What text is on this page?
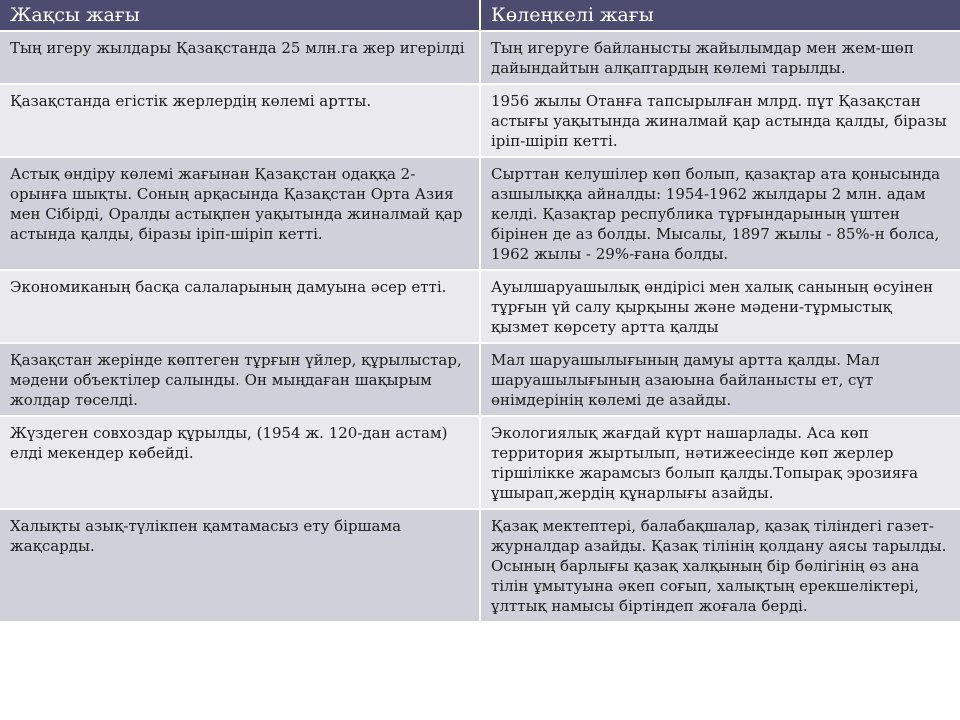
Жақсы жағы	Көлеңкелі жағы
Тың игеру жылдары Қазақстанда 25 млн.га жер игерілді	Тың игеруге байланысты жайылымдар мен жем-шөп дайындайтын алқаптардың көлемі тарылды.
Қазақстанда егістік жерлердің көлемі артты.	1956 жылы Отанға тапсырылған млрд. пұт Қазақстан астығы уақытында жиналмай қар астында қалды, біразы іріп-шіріп кетті.
Астық өндіру көлемі жағынан Қазақстан одаққа 2-орынға шықты. Соның арқасында Қазақстан Орта Азия мен Сібірді, Оралды астықпен уақытында жиналмай қар астында қалды, біразы іріп-шіріп кетті.	Сырттан келушілер көп болып, қазақтар ата қонысында азшылыққа айналды: 1954-1962 жылдары 2 млн. адам келді. Қазақтар республика тұрғындарының үштен бірінен де аз болды. Мысалы, 1897 жылы - 85%-н болса, 1962 жылы - 29%-ғана болды.
Экономиканың басқа салаларының дамуына әсер етті.	Ауылшаруашылық өндірісі мен халық санының өсуінен тұрғын үй салу қырқыны және мәдени-тұрмыстық қызмет көрсету артта қалды
Қазақстан жерінде көптеген тұрғын үйлер, құрылыстар, мәдени объектілер салынды. Он мыңдаған шақырым жолдар төселді.	Мал шаруашылығының дамуы артта қалды. Мал шаруашылығының азаюына байланысты ет, сүт өнімдерінің көлемі де азайды.
Жүздеген совхоздар құрылды, (1954 ж. 120-дан астам) елді мекендер көбейді.	Экологиялық жағдай күрт нашарлады. Аса көп территория жыртылып, нәтижеесінде көп жерлер тіршілікке жарамсыз болып қалды.Топырақ эрозияға ұшырап,жердің құнарлығы азайды.
Халықты азық-түлікпен қамтамасыз ету біршама жақсарды.	Қазақ мектептері, балабақшалар, қазақ тіліндегі газет-журналдар азайды. Қазақ тілінің қолдану аясы тарылды. Осының барлығы қазақ халқының бір бөлігінің өз ана тілін ұмытуына әкеп соғып, халықтың ерекшеліктері, ұлттық намысы біртіндеп жоғала берді.
